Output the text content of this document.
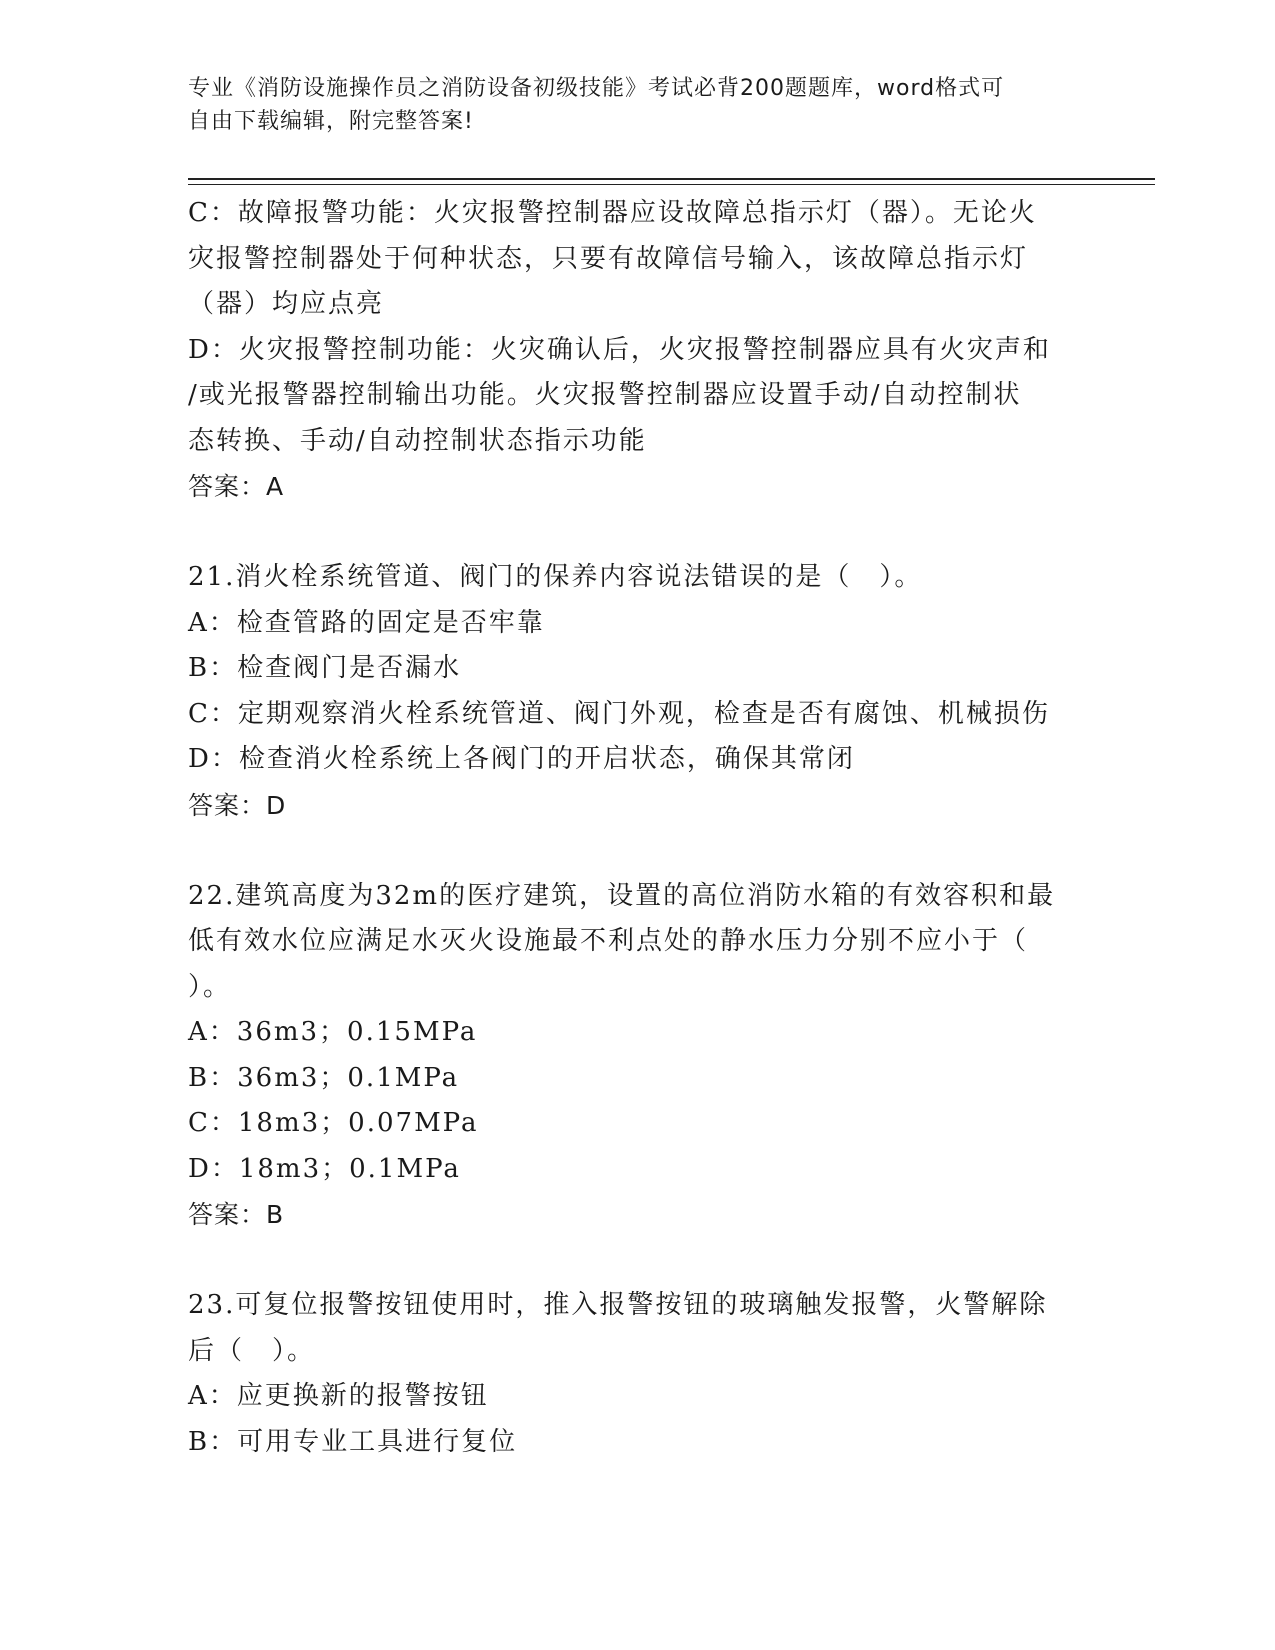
专业《消防设施操作员之消防设备初级技能》考试必背200题题库，word格式可
自由下载编辑，附完整答案!
C：故障报警功能：火灾报警控制器应设故障总指示灯（器）。无论火
灾报警控制器处于何种状态，只要有故障信号输入，该故障总指示灯
（器）均应点亮
D：火灾报警控制功能：火灾确认后，火灾报警控制器应具有火灾声和
/或光报警器控制输出功能。火灾报警控制器应设置手动/自动控制状
态转换、手动/自动控制状态指示功能
答案：A
21.消火栓系统管道、阀门的保养内容说法错误的是（　）。
A：检查管路的固定是否牢靠
B：检查阀门是否漏水
C：定期观察消火栓系统管道、阀门外观，检查是否有腐蚀、机械损伤
D：检查消火栓系统上各阀门的开启状态，确保其常闭
答案：D
22.建筑高度为32m的医疗建筑，设置的高位消防水箱的有效容积和最
低有效水位应满足水灭火设施最不利点处的静水压力分别不应小于（
）。
A：36m3；0.15MPa
B：36m3；0.1MPa
C：18m3；0.07MPa
D：18m3；0.1MPa
答案：B
23.可复位报警按钮使用时，推入报警按钮的玻璃触发报警，火警解除
后（　）。
A：应更换新的报警按钮
B：可用专业工具进行复位
